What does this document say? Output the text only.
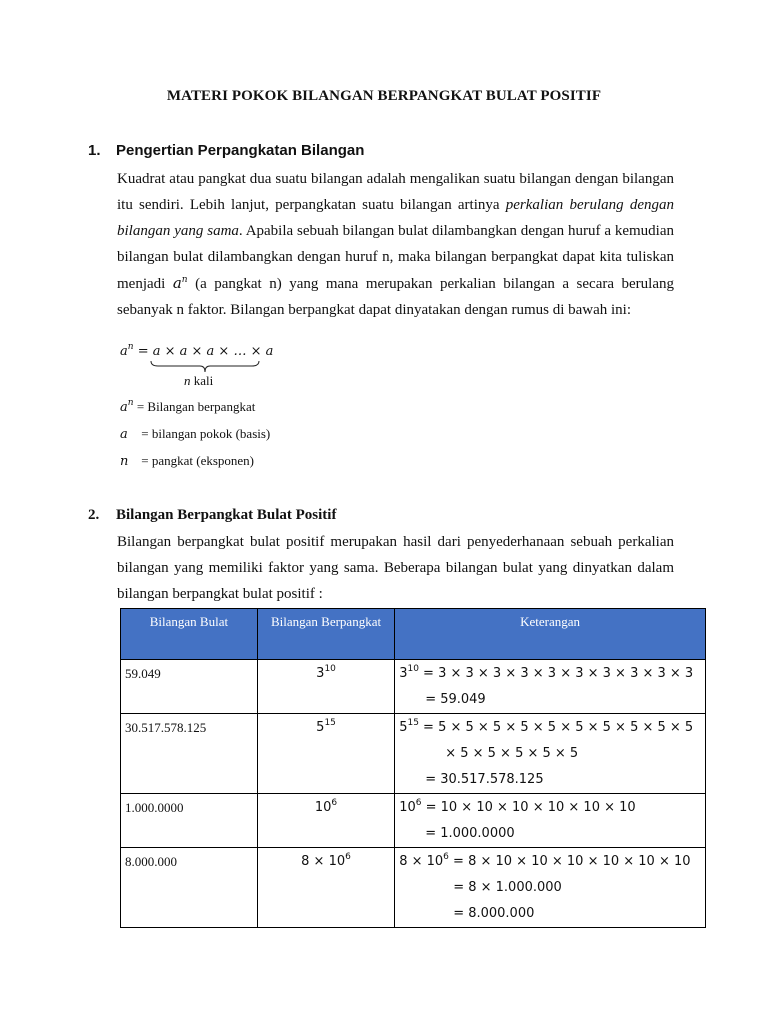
MATERI POKOK BILANGAN BERPANGKAT BULAT POSITIF
1. Pengertian Perpangkatan Bilangan

Kuadrat atau pangkat dua suatu bilangan adalah mengalikan suatu bilangan dengan bilangan itu sendiri. Lebih lanjut, perpangkatan suatu bilangan artinya perkalian berulang dengan bilangan yang sama. Apabila sebuah bilangan bulat dilambangkan dengan huruf a kemudian bilangan bulat dilambangkan dengan huruf n, maka bilangan berpangkat dapat kita tuliskan menjadi $a^n$ (a pangkat n) yang mana merupakan perkalian bilangan a secara berulang sebanyak n faktor. Bilangan berpangkat dapat dinyatakan dengan rumus di bawah ini:

$a^n = a \times a \times a$ × … × a
n kali
$a^n$ = Bilangan berpangkat
a = bilangan pokok (basis)
n = pangkat (eksponen)
2. Bilangan Berpangkat Bulat Positif

Bilangan berpangkat bulat positif merupakan hasil dari penyederhanaan sebuah perkalian bilangan yang memiliki faktor yang sama. Beberapa bilangan bulat yang dinyatkan dalam bilangan berpangkat bulat positif :

Bilangan Bulat	Bilangan Berpangkat	Keterangan
59.049	$3^{10}$	$3^{10} = 3 \times 3 \times 3 \times 3 \times 3 \times 3 \times 3 \times 3 \times 3 \times 3$
= 59.049

30.517.578.125	$5^{15}$	$5^{15} = 5 \times 5 \times 5 \times 5 \times 5 \times 5 \times 5 \times 5 \times 5 \times 5$
× 5 × 5 × 5 × 5 × 5
= 30.517.578.125

1.000.0000	$10^6$	$10^6 = 10 \times 10 \times 10 \times 10 \times 10 \times 10$
= 1.000.0000

8.000.000	$8 \times 10^6$	$8 \times 10^6 = 8 \times 10 \times 10 \times 10 \times 10 \times 10 \times 10$
= 8 × 1.000.000
= 8.000.000
